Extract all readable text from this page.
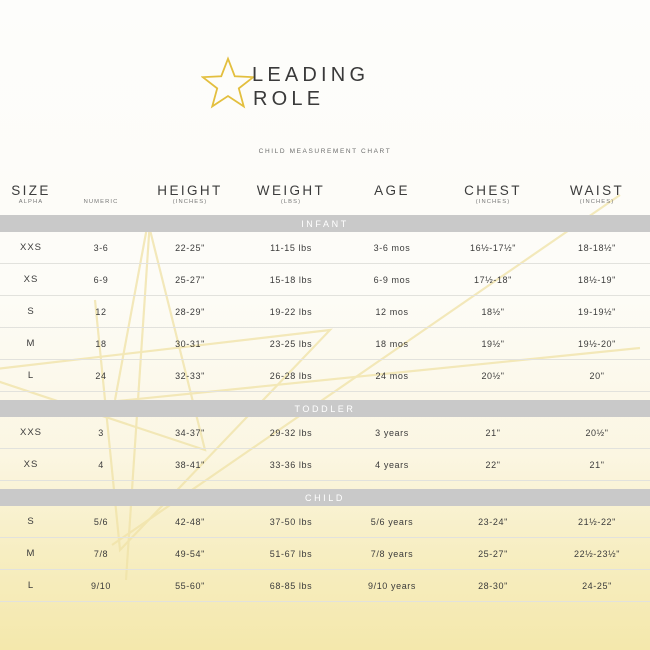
LEADING
ROLE
CHILD MEASUREMENT CHART
SIZE		HEIGHT	WEIGHT	AGE	CHEST	WAIST
ALPHA	NUMERIC	(INCHES)	(LBS)		(INCHES)	(INCHES)
INFANT						
XXS	3-6	22-25"	11-15 lbs	3-6 mos	16½-17½"	18-18½"
XS	6-9	25-27"	15-18 lbs	6-9 mos	17½-18"	18½-19"
S	12	28-29"	19-22 lbs	12 mos	18½"	19-19½"
M	18	30-31"	23-25 lbs	18 mos	19½"	19½-20"
L	24	32-33"	26-28 lbs	24 mos	20½"	20"

TODDLER						
XXS	3	34-37"	29-32 lbs	3 years	21"	20½"
XS	4	38-41"	33-36 lbs	4 years	22"	21"

CHILD						
S	5/6	42-48"	37-50 lbs	5/6 years	23-24"	21½-22"
M	7/8	49-54"	51-67 lbs	7/8 years	25-27"	22½-23½"
L	9/10	55-60"	68-85 lbs	9/10 years	28-30"	24-25"
